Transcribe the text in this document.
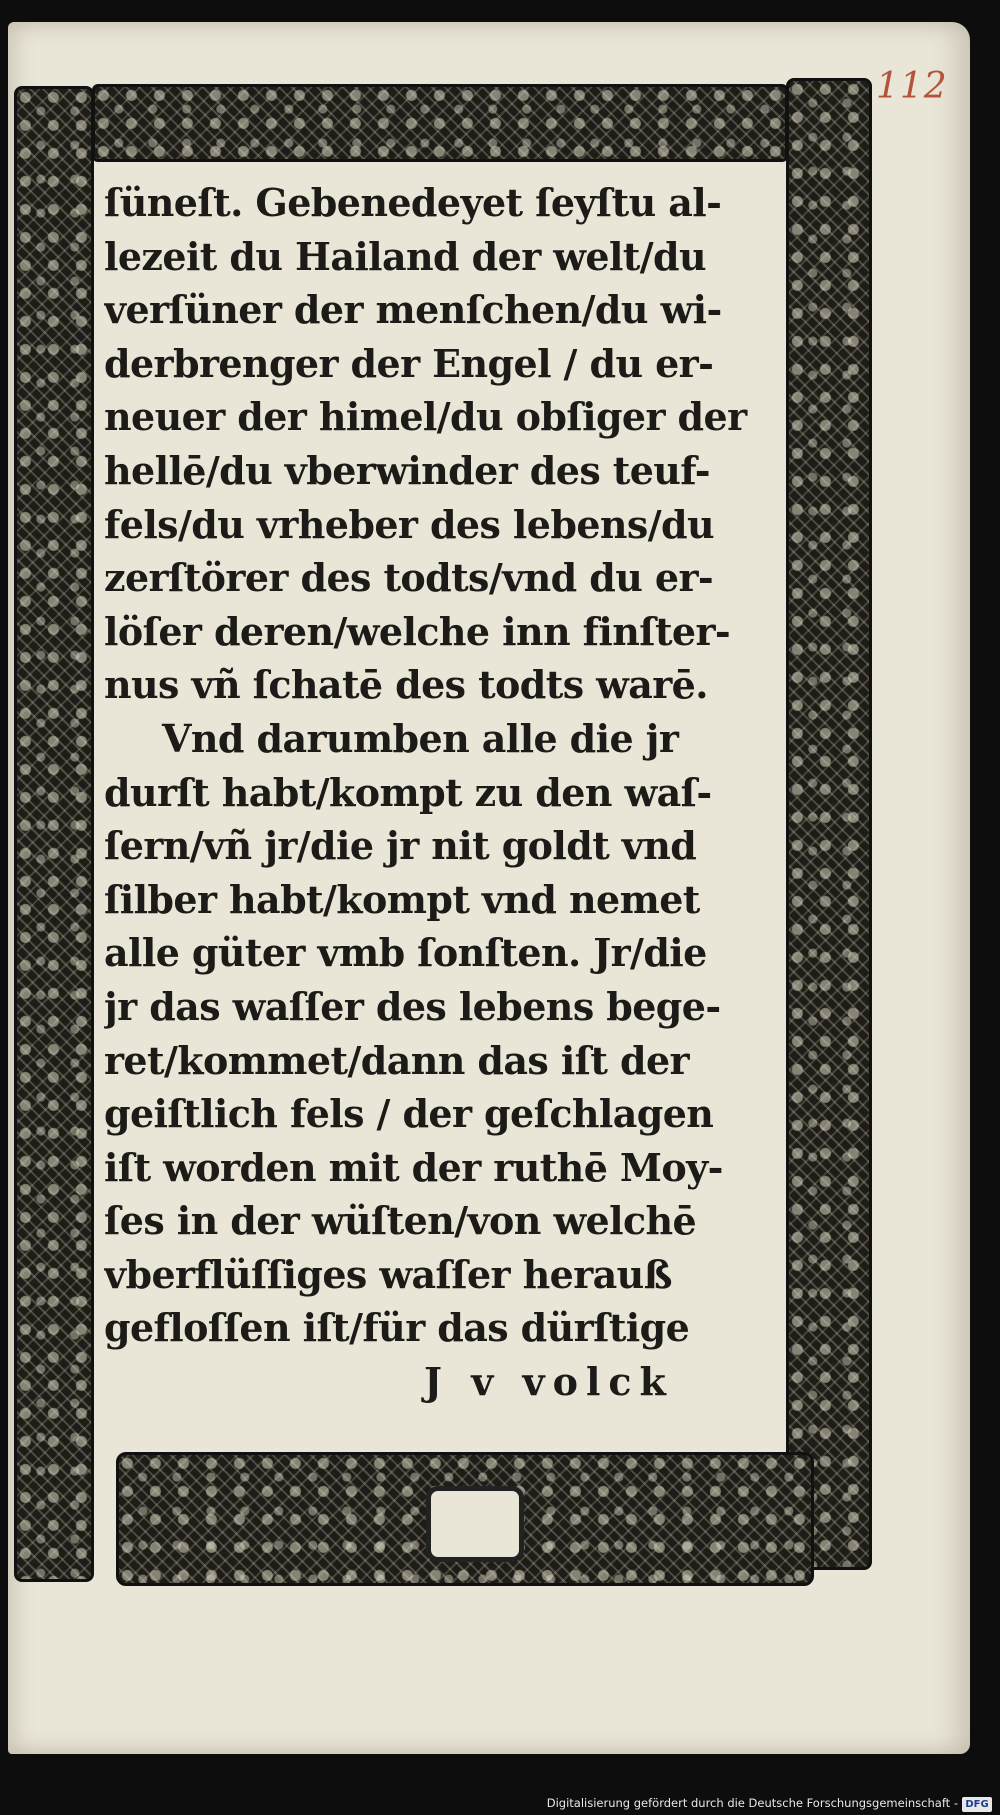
112
ſüneſt. Gebenedeyet ſeyſtu al-
lezeit du Hailand der welt/du
verſüner der menſchen/du wi-
derbrenger der Engel / du er-
neuer der himel/du obſiger der
hellē/du vberwinder des teuf-
fels/du vrheber des lebens/du
zerſtörer des todts/vnd du er-
löſer deren/welche inn finſter-
nus vñ ſchatē des todts warē.
Vnd darumben alle die jr
durſt habt/kompt zu den waſ-
ſern/vñ jr/die jr nit goldt vnd
ſilber habt/kompt vnd nemet
alle güter vmb ſonſten. Jr/die
jr das waſſer des lebens bege-
ret/kommet/dann das iſt der
geiſtlich fels / der geſchlagen
iſt worden mit der ruthē Moy-
ſes in der wüſten/von welchē
vberflüſſiges waſſer herauß
gefloſſen iſt/für das dürſtige
J v volck
Digitalisierung gefördert durch die Deutsche Forschungsgemeinschaft - DFG
